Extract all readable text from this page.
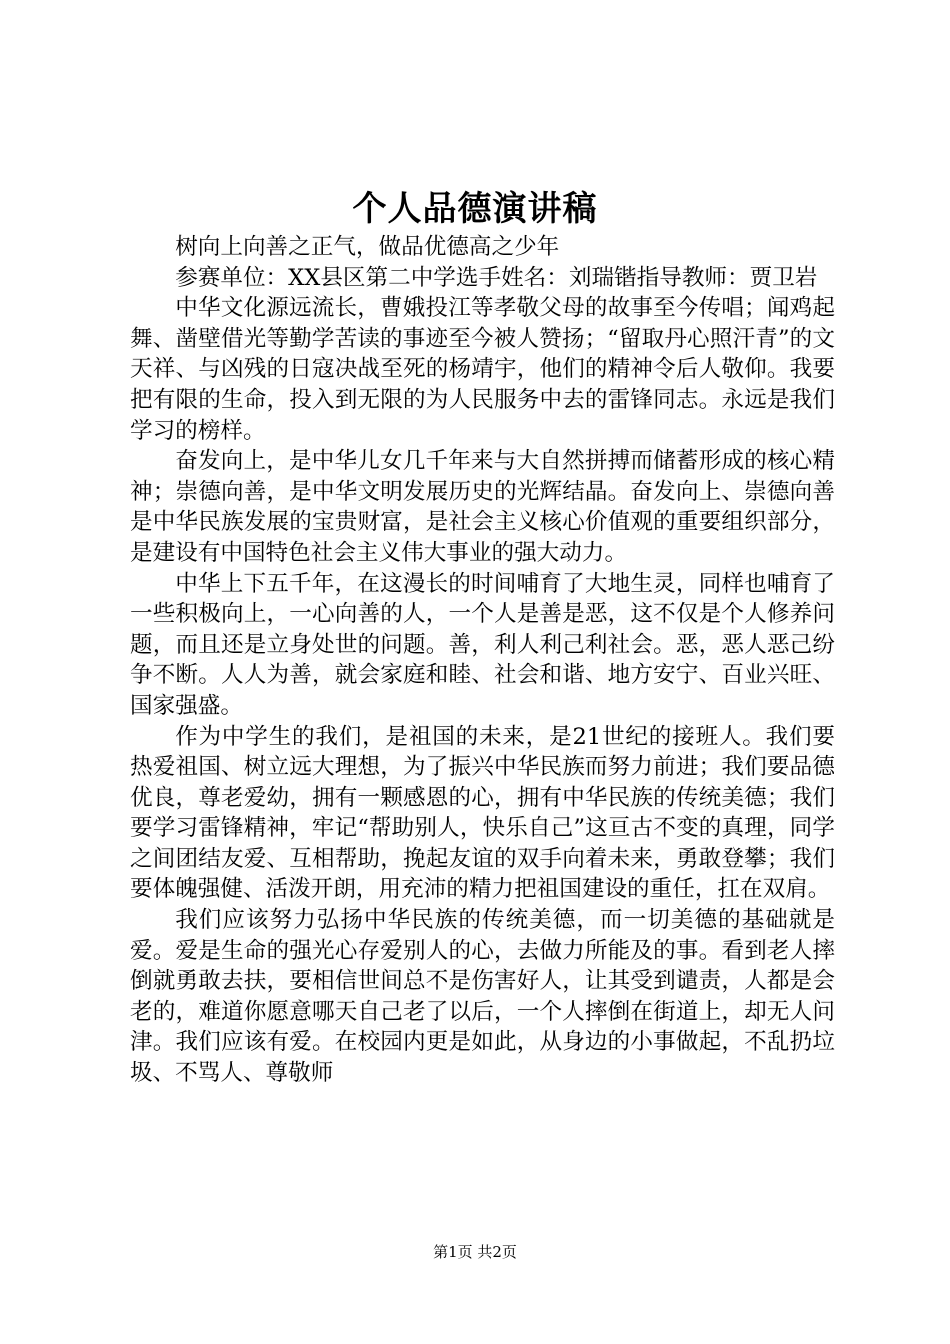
个人品德演讲稿

树向上向善之正气，做品优德高之少年

参赛单位：XX县区第二中学选手姓名：刘瑞锴指导教师：贾卫岩

中华文化源远流长，曹娥投江等孝敬父母的故事至今传唱；闻鸡起舞、凿壁借光等勤学苦读的事迹至今被人赞扬；“留取丹心照汗青”的文天祥、与凶残的日寇决战至死的杨靖宇，他们的精神令后人敬仰。我要把有限的生命，投入到无限的为人民服务中去的雷锋同志。永远是我们学习的榜样。

奋发向上，是中华儿女几千年来与大自然拼搏而储蓄形成的核心精神；崇德向善，是中华文明发展历史的光辉结晶。奋发向上、崇德向善是中华民族发展的宝贵财富，是社会主义核心价值观的重要组织部分，是建设有中国特色社会主义伟大事业的强大动力。

中华上下五千年，在这漫长的时间哺育了大地生灵，同样也哺育了一些积极向上，一心向善的人，一个人是善是恶，这不仅是个人修养问题，而且还是立身处世的问题。善，利人利己利社会。恶，恶人恶己纷争不断。人人为善，就会家庭和睦、社会和谐、地方安宁、百业兴旺、国家强盛。

作为中学生的我们，是祖国的未来，是21世纪的接班人。我们要热爱祖国、树立远大理想，为了振兴中华民族而努力前进；我们要品德优良，尊老爱幼，拥有一颗感恩的心，拥有中华民族的传统美德；我们要学习雷锋精神，牢记“帮助别人，快乐自己”这亘古不变的真理，同学之间团结友爱、互相帮助，挽起友谊的双手向着未来，勇敢登攀；我们要体魄强健、活泼开朗，用充沛的精力把祖国建设的重任，扛在双肩。

我们应该努力弘扬中华民族的传统美德，而一切美德的基础就是爱。爱是生命的强光心存爱别人的心，去做力所能及的事。看到老人摔倒就勇敢去扶，要相信世间总不是伤害好人，让其受到谴责，人都是会老的，难道你愿意哪天自己老了以后，一个人摔倒在街道上，却无人问津。我们应该有爱。在校园内更是如此，从身边的小事做起，不乱扔垃圾、不骂人、尊敬师

第1页 共2页
